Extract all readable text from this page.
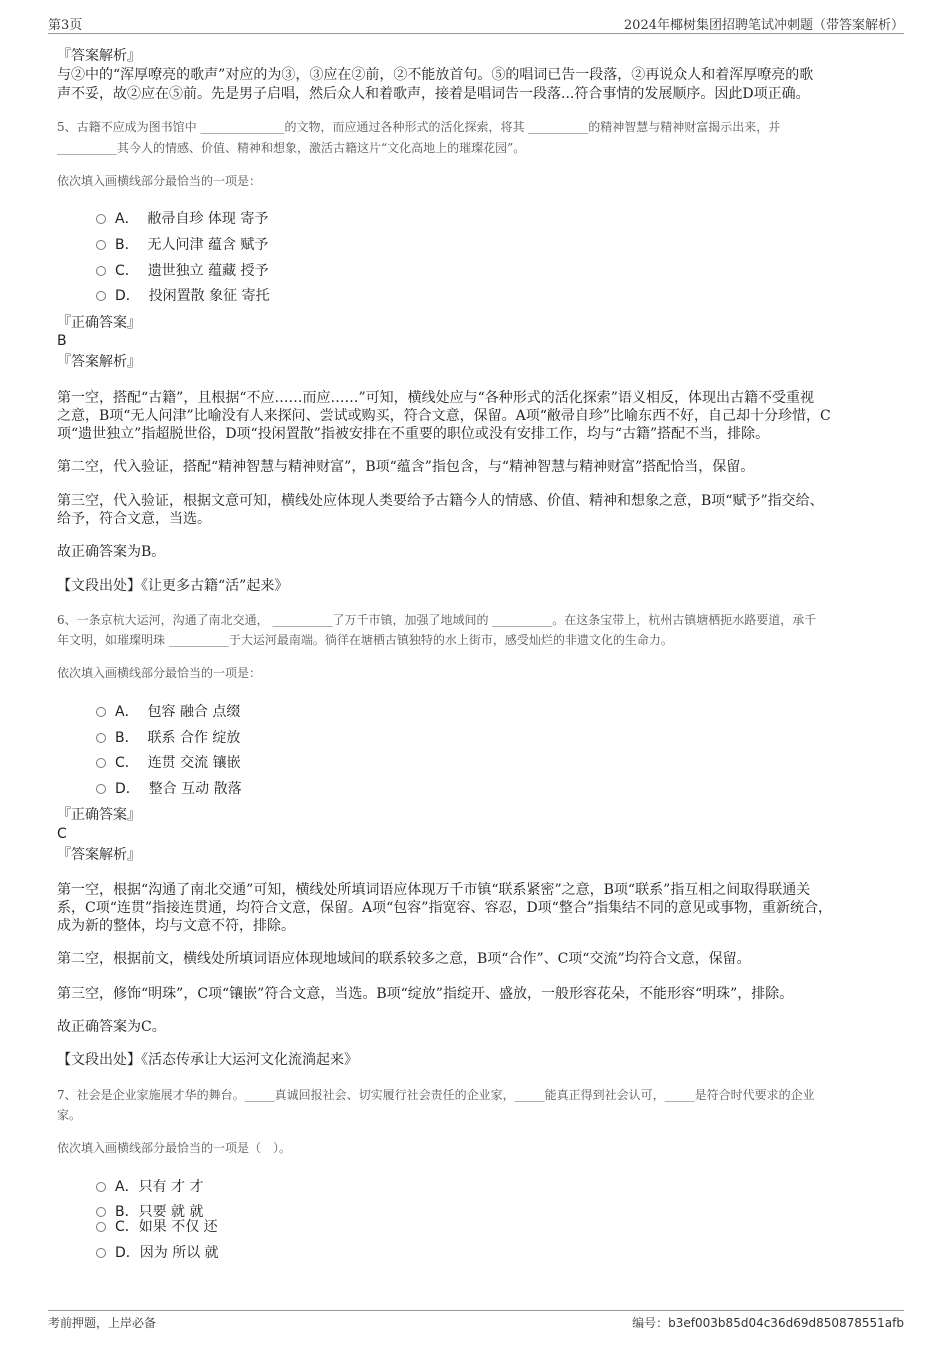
第3页	2024年椰树集团招聘笔试冲刺题（带答案解析）
『答案解析』
与②中的“浑厚嘹亮的歌声”对应的为③，③应在②前，②不能放首句。⑤的唱词已告一段落，②再说众人和着浑厚嘹亮的歌
声不妥，故②应在⑤前。先是男子启唱，然后众人和着歌声，接着是唱词告一段落...符合事情的发展顺序。因此D项正确。
5、古籍不应成为图书馆中 ______________的文物，而应通过各种形式的活化探索，将其 __________的精神智慧与精神财富揭示出来，并
__________其今人的情感、价值、精神和想象，激活古籍这片“文化高地上的璀璨花园”。
依次填入画横线部分最恰当的一项是：
A． 敝帚自珍 体现 寄予
B． 无人问津 蕴含 赋予
C． 遗世独立 蕴藏 授予
D． 投闲置散 象征 寄托
『正确答案』
B
『答案解析』
第一空，搭配“古籍”，且根据“不应……而应……”可知，横线处应与“各种形式的活化探索”语义相反，体现出古籍不受重视
之意，B项“无人问津”比喻没有人来探问、尝试或购买，符合文意，保留。A项“敝帚自珍”比喻东西不好，自己却十分珍惜，C
项“遗世独立”指超脱世俗，D项“投闲置散”指被安排在不重要的职位或没有安排工作，均与“古籍”搭配不当，排除。
第二空，代入验证，搭配“精神智慧与精神财富”，B项“蕴含”指包含，与“精神智慧与精神财富”搭配恰当，保留。
第三空，代入验证，根据文意可知，横线处应体现人类要给予古籍今人的情感、价值、精神和想象之意，B项“赋予”指交给、
给予，符合文意，当选。
故正确答案为B。
【文段出处】《让更多古籍“活”起来》
6、一条京杭大运河，沟通了南北交通， __________了万千市镇，加强了地域间的 __________。在这条宝带上，杭州古镇塘栖扼水路要道，承千
年文明，如璀璨明珠 __________于大运河最南端。徜徉在塘栖古镇独特的水上街市，感受灿烂的非遗文化的生命力。
依次填入画横线部分最恰当的一项是：
A． 包容 融合 点缀
B． 联系 合作 绽放
C． 连贯 交流 镶嵌
D． 整合 互动 散落
『正确答案』
C
『答案解析』
第一空，根据“沟通了南北交通”可知，横线处所填词语应体现万千市镇“联系紧密”之意，B项“联系”指互相之间取得联通关
系，C项“连贯”指接连贯通，均符合文意，保留。A项“包容”指宽容、容忍，D项“整合”指集结不同的意见或事物，重新统合，
成为新的整体，均与文意不符，排除。
第二空，根据前文，横线处所填词语应体现地域间的联系较多之意，B项“合作”、C项“交流”均符合文意，保留。
第三空，修饰“明珠”，C项“镶嵌”符合文意，当选。B项“绽放”指绽开、盛放，一般形容花朵，不能形容“明珠”，排除。
故正确答案为C。
【文段出处】《活态传承让大运河文化流淌起来》
7、社会是企业家施展才华的舞台。_____真诚回报社会、切实履行社会责任的企业家，_____能真正得到社会认可，_____是符合时代要求的企业
家。
依次填入画横线部分最恰当的一项是（　）。
A．只有 才 才
B．只要 就 就
C．如果 不仅 还
D．因为 所以 就
考前押题，上岸必备	编号：b3ef003b85d04c36d69d850878551afb
